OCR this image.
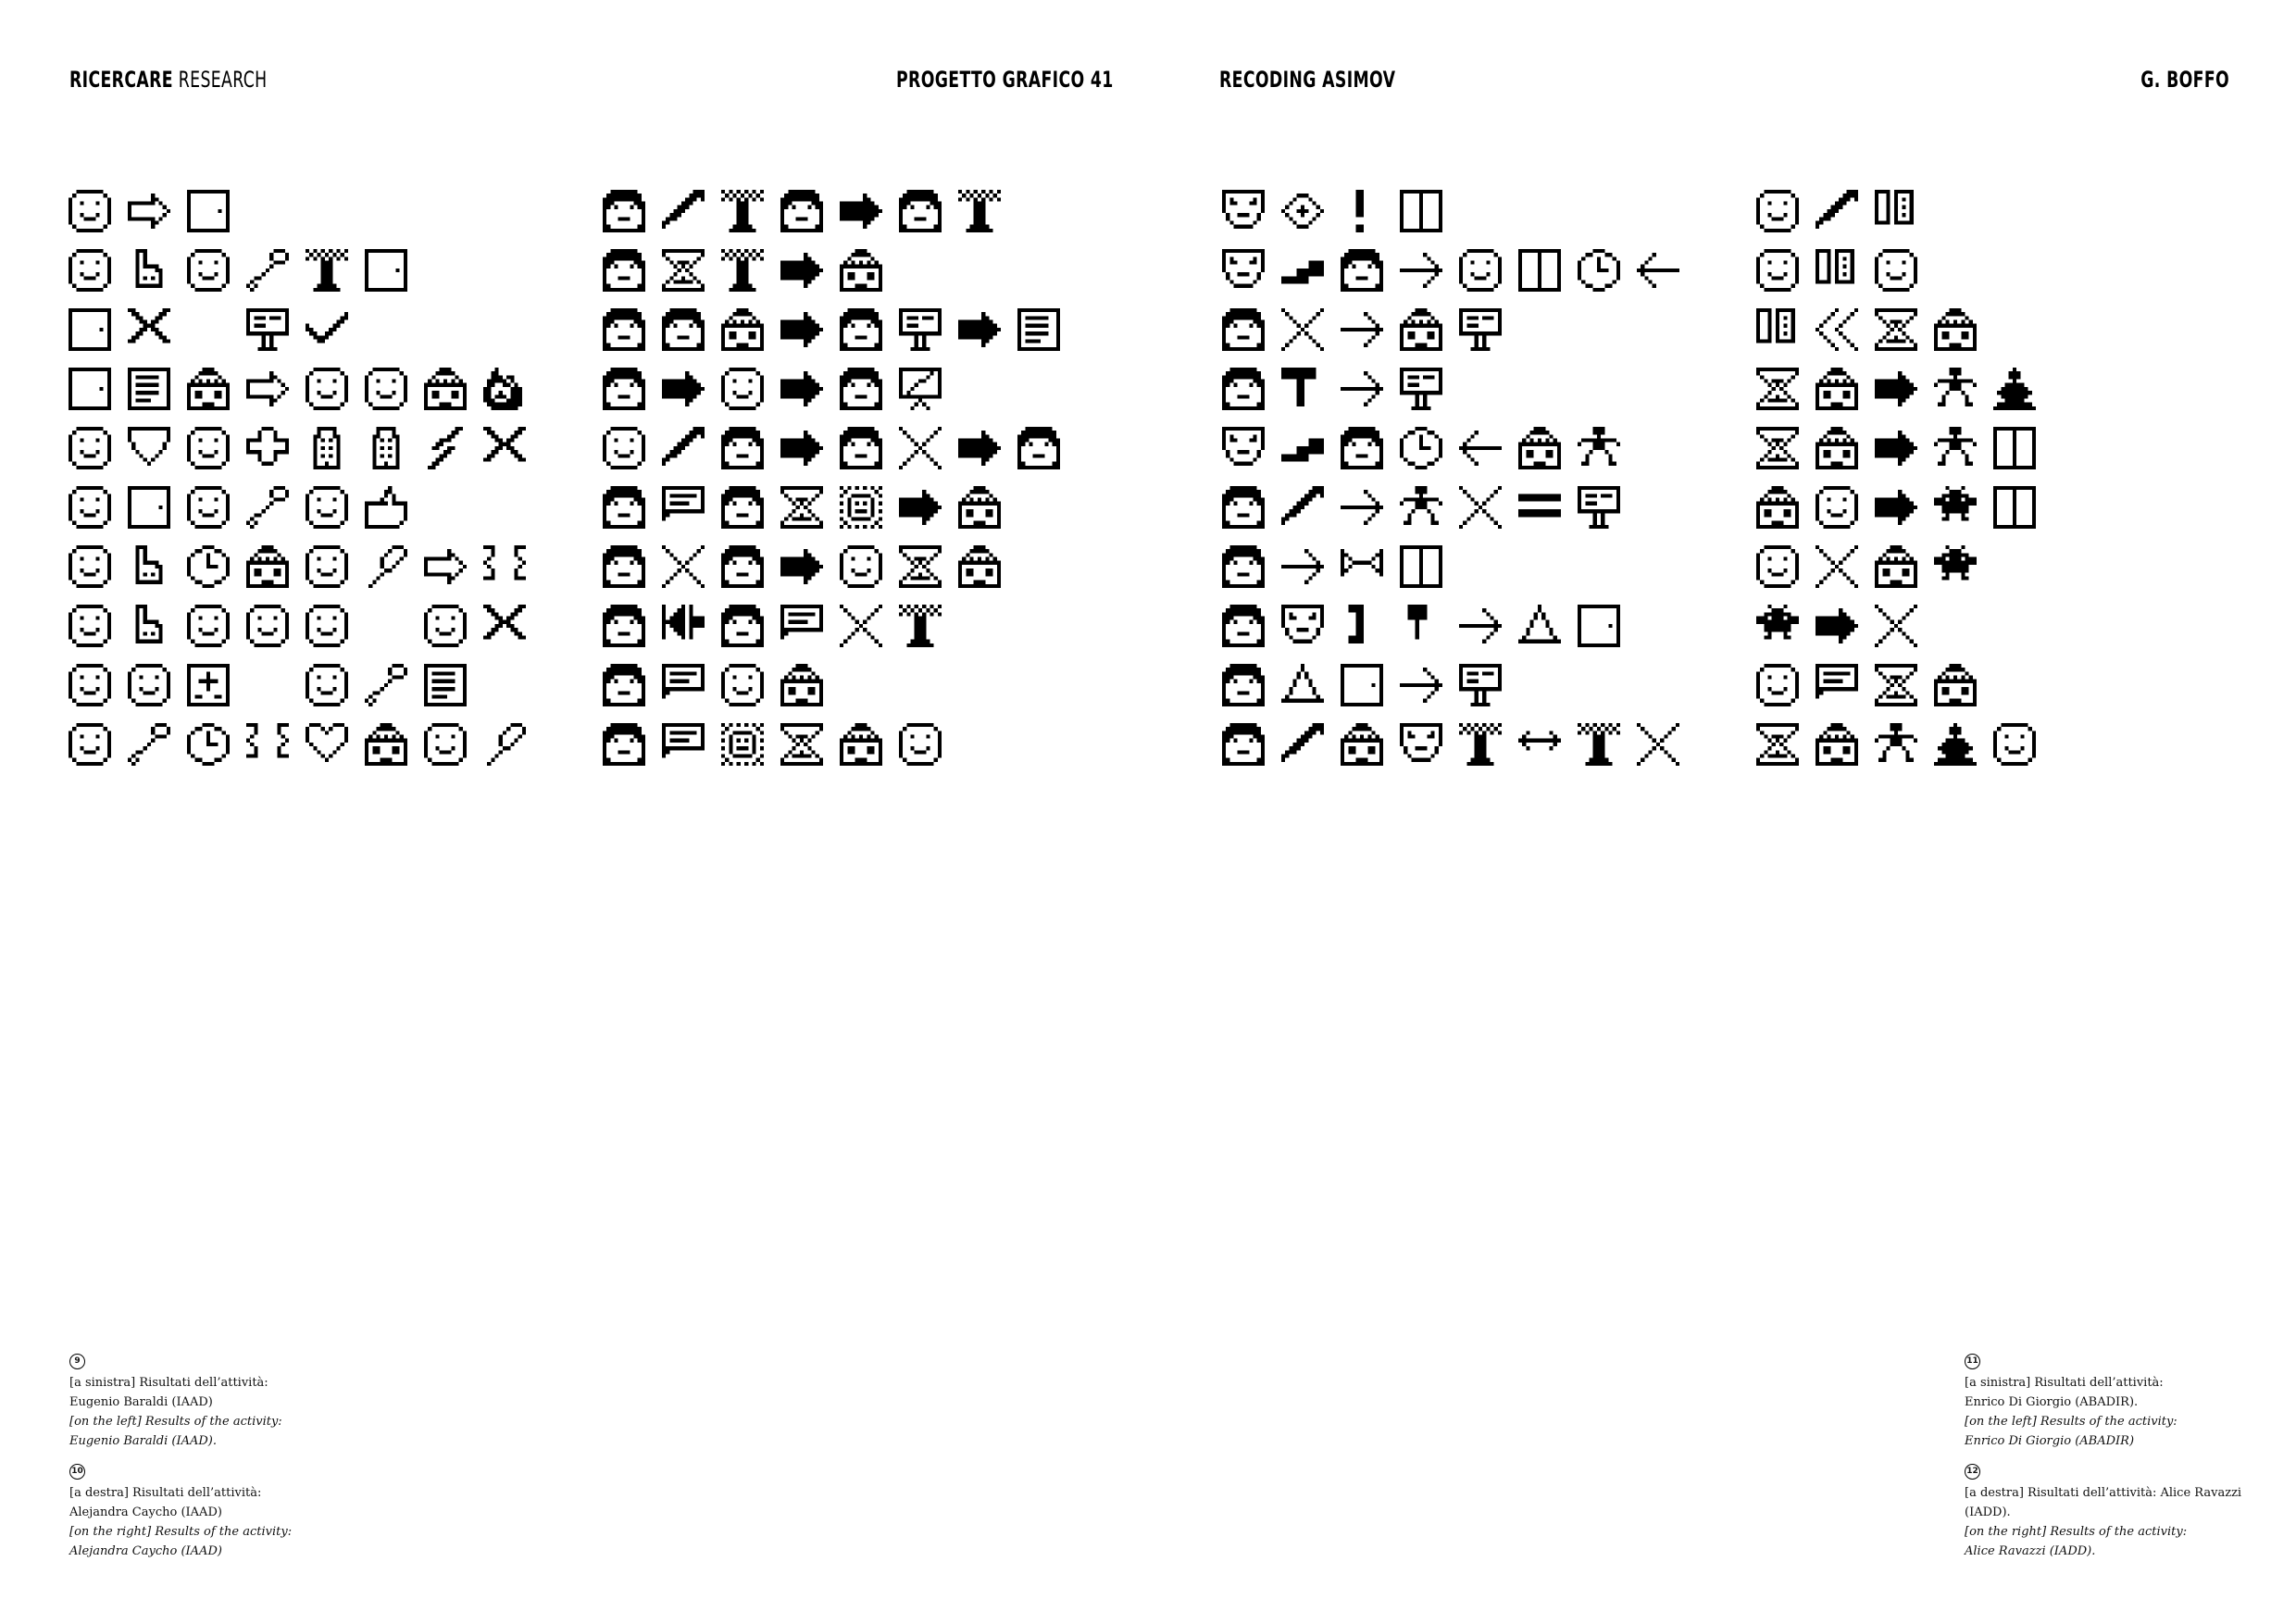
RICERCARE RESEARCH	PROGETTO GRAFICO 41	RECODING ASIMOV	G. BOFFO
9
[a sinistra] Risultati dell’attività:
Eugenio Baraldi (IAAD)
[on the left] Results of the activity:
Eugenio Baraldi (IAAD).
10
[a destra] Risultati dell’attività:
Alejandra Caycho (IAAD)
[on the right] Results of the activity:
Alejandra Caycho (IAAD)
11
[a sinistra] Risultati dell’attività:
Enrico Di Giorgio (ABADIR).
[on the left] Results of the activity:
Enrico Di Giorgio (ABADIR)
12
[a destra] Risultati dell’attività: Alice Ravazzi
(IADD).
[on the right] Results of the activity:
Alice Ravazzi (IADD).
